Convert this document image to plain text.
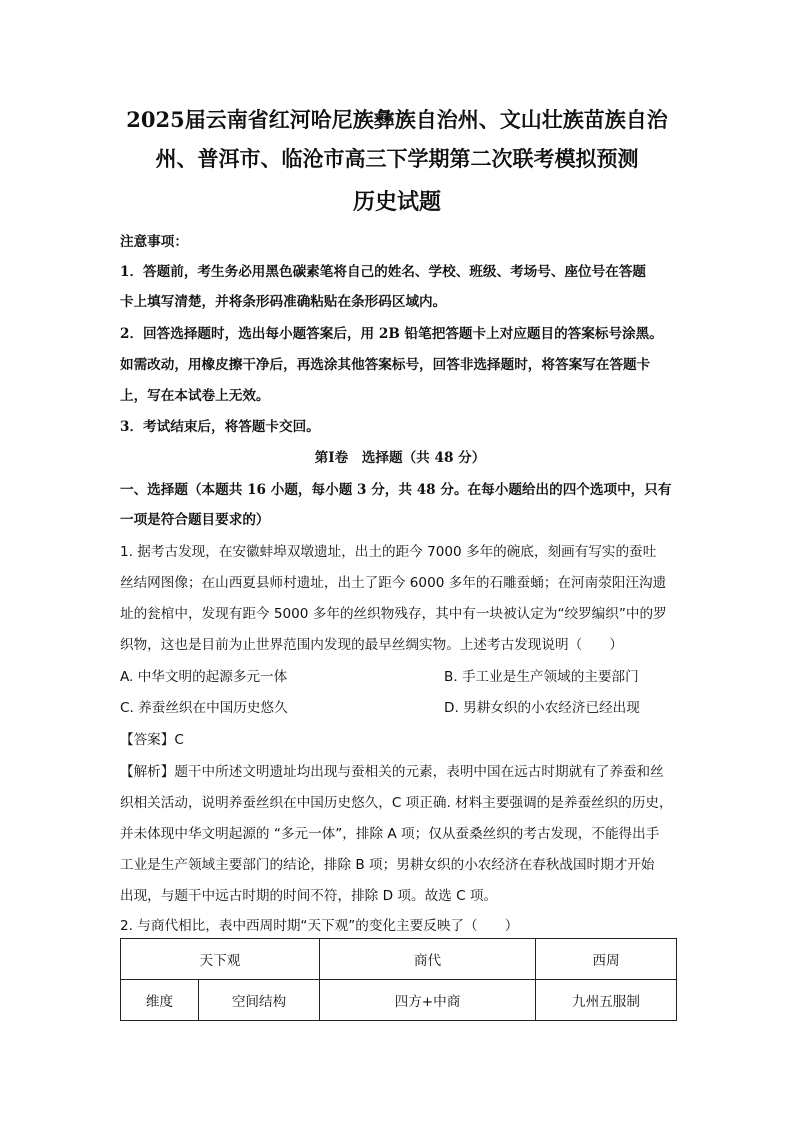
2025届云南省红河哈尼族彝族自治州、文山壮族苗族自治
州、普洱市、临沧市高三下学期第二次联考模拟预测
历史试题
注意事项：
1．答题前，考生务必用黑色碳素笔将自己的姓名、学校、班级、考场号、座位号在答题
卡上填写清楚，并将条形码准确粘贴在条形码区域内。
2．回答选择题时，选出每小题答案后，用 2B 铅笔把答题卡上对应题目的答案标号涂黑。
如需改动，用橡皮擦干净后，再选涂其他答案标号，回答非选择题时，将答案写在答题卡
上，写在本试卷上无效。
3．考试结束后，将答题卡交回。
第Ⅰ卷　选择题（共 48 分）
一、选择题（本题共 16 小题，每小题 3 分，共 48 分。在每小题给出的四个选项中，只有
一项是符合题目要求的）
1. 据考古发现，在安徽蚌埠双墩遗址，出土的距今 7000 多年的碗底，刻画有写实的蚕吐
丝结网图像；在山西夏县师村遗址，出土了距今 6000 多年的石雕蚕蛹；在河南荥阳汪沟遗
址的瓮棺中，发现有距今 5000 多年的丝织物残存，其中有一块被认定为“绞罗编织”中的罗
织物，这也是目前为止世界范围内发现的最早丝绸实物。上述考古发现说明（　　）
A. 中华文明的起源多元一体	B. 手工业是生产领域的主要部门
C. 养蚕丝织在中国历史悠久	D. 男耕女织的小农经济已经出现
【答案】C
【解析】题干中所述文明遗址均出现与蚕相关的元素，表明中国在远古时期就有了养蚕和丝
织相关活动，说明养蚕丝织在中国历史悠久，C 项正确. 材料主要强调的是养蚕丝织的历史，
并未体现中华文明起源的 “多元一体”，排除 A 项；仅从蚕桑丝织的考古发现，不能得出手
工业是生产领域主要部门的结论，排除 B 项；男耕女织的小农经济在春秋战国时期才开始
出现，与题干中远古时期的时间不符，排除 D 项。故选 C 项。
2. 与商代相比，表中西周时期“天下观”的变化主要反映了（　　）
天下观		商代	西周
维度	空间结构	四方+中商	九州五服制
